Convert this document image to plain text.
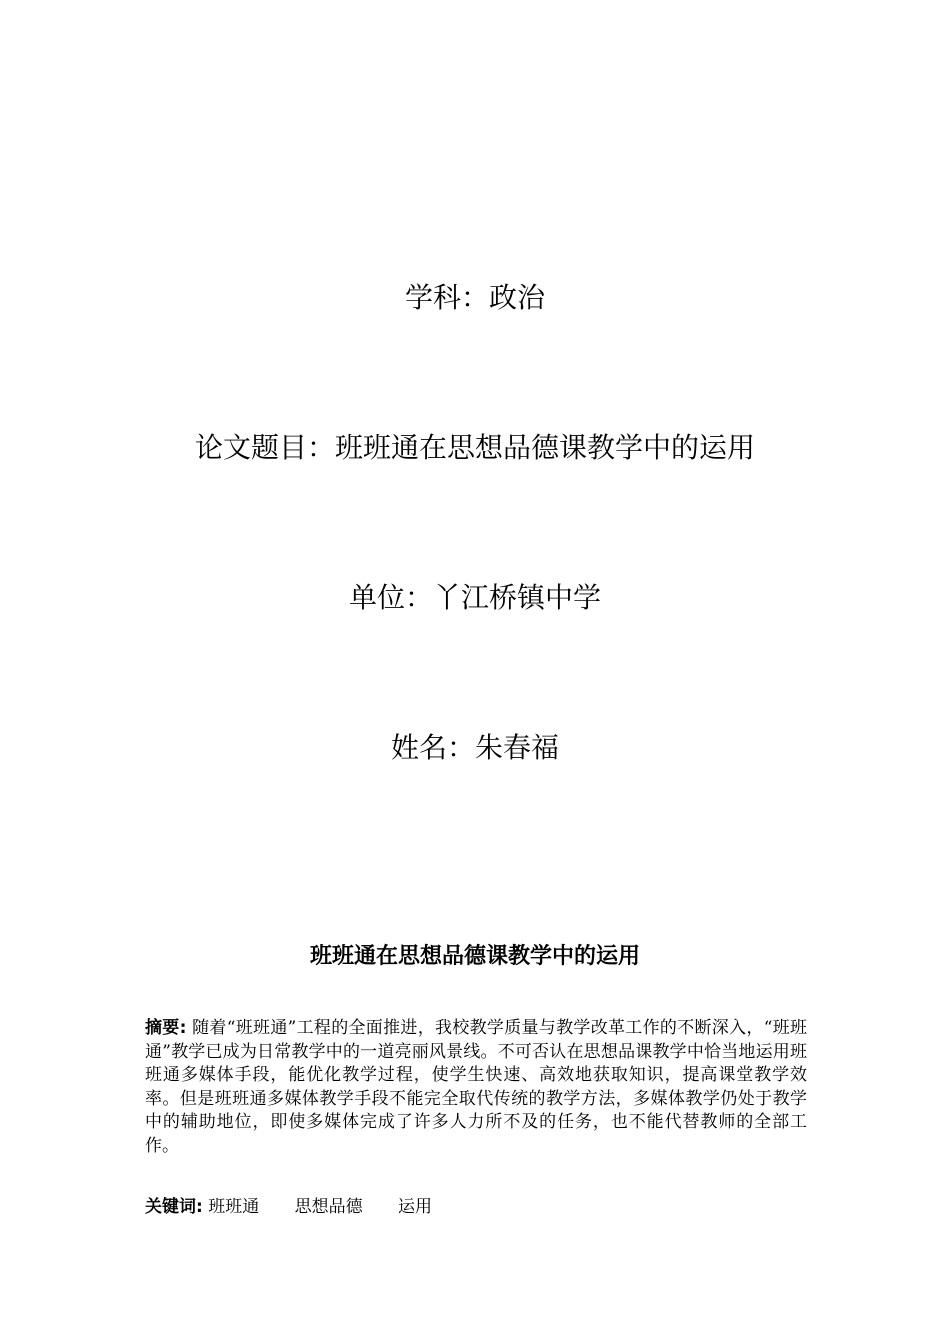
学科：政治
论文题目：班班通在思想品德课教学中的运用
单位：丫江桥镇中学
姓名：朱春福
班班通在思想品德课教学中的运用
摘要: 随着“班班通”工程的全面推进，我校教学质量与教学改革工作的不断深入，“班班通”教学已成为日常教学中的一道亮丽风景线。不可否认在思想品课教学中恰当地运用班班通多媒体手段，能优化教学过程，使学生快速、高效地获取知识，提高课堂教学效率。但是班班通多媒体教学手段不能完全取代传统的教学方法，多媒体教学仍处于教学中的辅助地位，即使多媒体完成了许多人力所不及的任务，也不能代替教师的全部工作。
关键词: 班班通 思想品德 运用
